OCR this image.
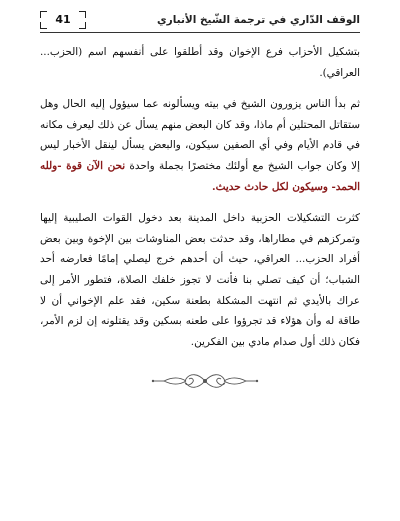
الوقف الدّاري في ترجمة الشّيخ الأنباري
41

بتشكيل الأحزاب فرع الإخوان وقد أطلقوا على أنفسهم اسم (الحزب... العراقي).

ثم بدأ الناس يزورون الشيخ في بيته ويسألونه عما سيؤول إليه الحال وهل ستقاتل المحتلين أم ماذا، وقد كان البعض منهم يسأل عن ذلك ليعرف مكانه في قادم الأيام وفي أي الصفين سيكون، والبعض يسأل لينقل الأخبار ليس إلا وكان جواب الشيخ مع أولئك مختصرًا بجملة واحدة نحن الآن قوة -ولله الحمد- وسيكون لكل حادث حديث.

كثرت التشكيلات الحزبية داخل المدينة بعد دخول القوات الصليبية إليها وتمركزهم في مطاراها، وقد حدثت بعض المناوشات بين الإخوة وبين بعض أفراد الحزب... العراقي، حيث أن أحدهم خرج ليصلي إمامًا فعارضه أحد الشباب؛ أن كيف تصلي بنا فأنت لا تجوز خلفك الصلاة، فتطور الأمر إلى عراك بالأيدي ثم انتهت المشكلة بطعنة سكين، فقد علم الإخواني أن لا طاقة له وأن هؤلاء قد تجرؤوا على طعنه بسكين وقد يقتلونه إن لزم الأمر، فكان ذلك أول صدام مادي بين الفكرين.
